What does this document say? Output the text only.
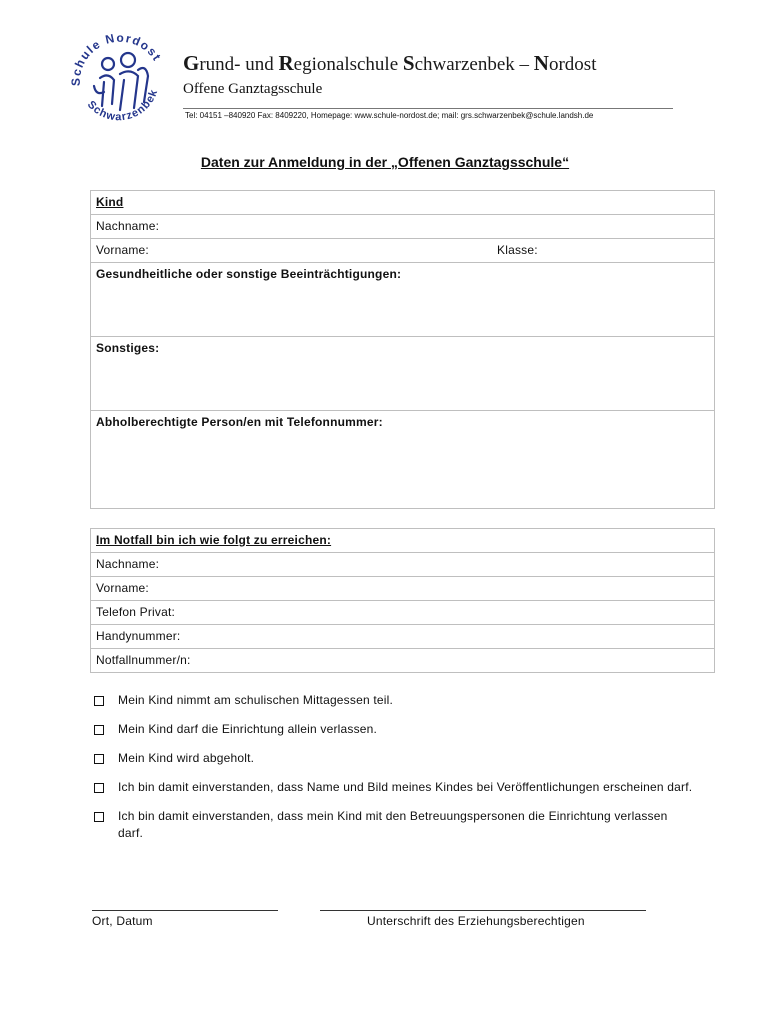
Schule Nordost
Schwarzenbek
Grund- und Regionalschule Schwarzenbek – Nordost
Offene Ganztagsschule
Tel: 04151 –840920 Fax: 8409220, Homepage: www.schule-nordost.de; mail: grs.schwarzenbek@schule.landsh.de
Daten zur Anmeldung in der „Offenen Ganztagsschule“
Kind
Nachname:
Vorname:	Klasse:

Gesundheitliche oder sonstige Beeinträchtigungen:
Sonstiges:
Abholberechtigte Person/en mit Telefonnummer:
Im Notfall bin ich wie folgt zu erreichen:
Nachname:
Vorname:
Telefon Privat:
Handynummer:
Notfallnummer/n:
Mein Kind nimmt am schulischen Mittagessen teil.
Mein Kind darf die Einrichtung allein verlassen.
Mein Kind wird abgeholt.
Ich bin damit einverstanden, dass Name und Bild meines Kindes bei Veröffentlichungen erscheinen darf.
Ich bin damit einverstanden, dass mein Kind mit den Betreuungspersonen die Einrichtung verlassen darf.
Ort, Datum	Unterschrift des Erziehungsberechtigen
